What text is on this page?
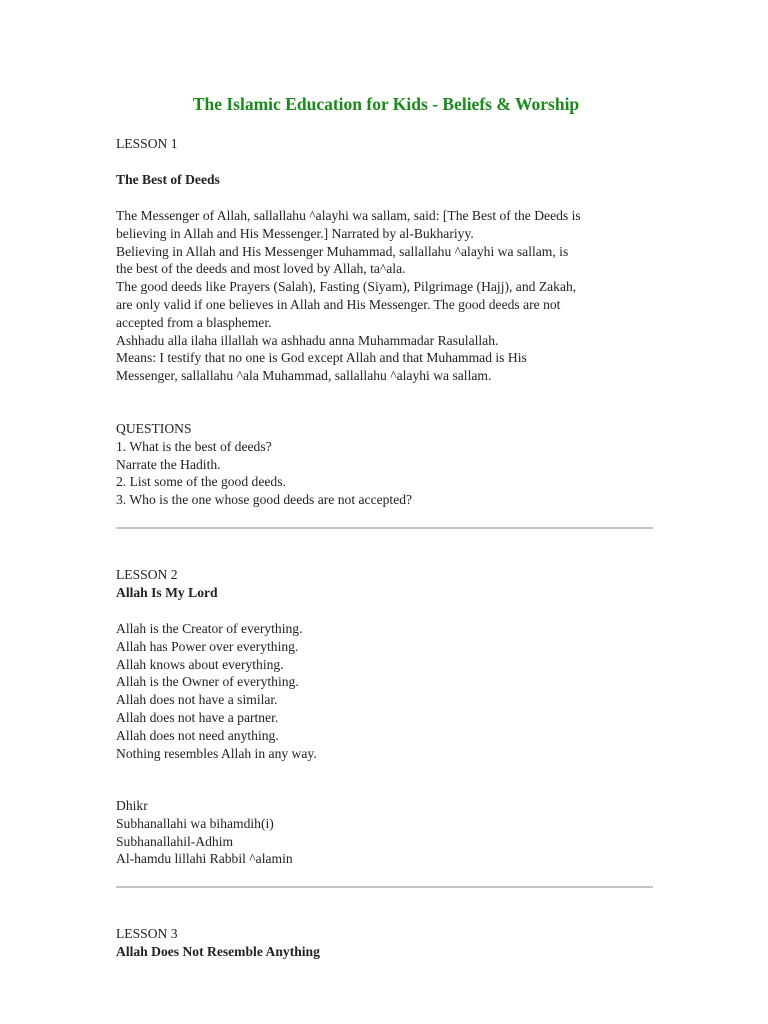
The Islamic Education for Kids - Beliefs & Worship

LESSON 1

The Best of Deeds

The Messenger of Allah, sallallahu ^alayhi wa sallam, said: [The Best of the Deeds is

believing in Allah and His Messenger.] Narrated by al-Bukhariyy.

Believing in Allah and His Messenger Muhammad, sallallahu ^alayhi wa sallam, is

the best of the deeds and most loved by Allah, ta^ala.

The good deeds like Prayers (Salah), Fasting (Siyam), Pilgrimage (Hajj), and Zakah,

are only valid if one believes in Allah and His Messenger. The good deeds are not

accepted from a blasphemer.

Ashhadu alla ilaha illallah wa ashhadu anna Muhammadar Rasulallah.

Means: I testify that no one is God except Allah and that Muhammad is His

Messenger, sallallahu ^ala Muhammad, sallallahu ^alayhi wa sallam.

QUESTIONS

1. What is the best of deeds?

Narrate the Hadith.

2. List some of the good deeds.

3. Who is the one whose good deeds are not accepted?

LESSON 2

Allah Is My Lord

Allah is the Creator of everything.

Allah has Power over everything.

Allah knows about everything.

Allah is the Owner of everything.

Allah does not have a similar.

Allah does not have a partner.

Allah does not need anything.

Nothing resembles Allah in any way.

Dhikr

Subhanallahi wa bihamdih(i)

Subhanallahil-Adhim

Al-hamdu lillahi Rabbil ^alamin

LESSON 3

Allah Does Not Resemble Anything
